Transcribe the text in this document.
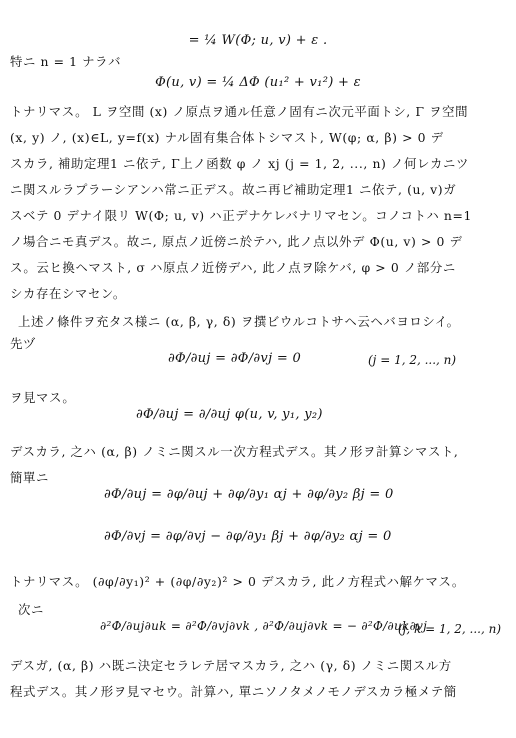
= ¼ W(Φ; u, v) + ε .
特ニ n = 1 ナラバ
Φ(u, v) = ¼ ΔΦ (u₁² + v₁²) + ε
トナリマス。 L ヲ空間 (x) ノ原点ヲ通ル任意ノ固有ニ次元平面トシ, Γ ヲ空間
(x, y) ノ, (x)∈L, y=f(x) ナル固有集合体トシマスト, W(φ; α, β) > 0 デ
スカラ, 補助定理1 ニ依テ, Γ上ノ函数 φ ノ xj (j = 1, 2, ..., n) ノ何レカニツ
ニ関スルラプラーシアンハ常ニ正デス。故ニ再ビ補助定理1 ニ依テ, (u, v)ガ
スベテ 0 デナイ限リ W(Φ; u, v) ハ正デナケレバナリマセン。コノコトハ n=1
ノ場合ニモ真デス。故ニ, 原点ノ近傍ニ於テハ, 此ノ点以外デ Φ(u, v) > 0 デ
ス。云ヒ換ヘマスト, σ ハ原点ノ近傍デハ, 此ノ点ヲ除ケバ, φ > 0 ノ部分ニ
シカ存在シマセン。
上述ノ條件ヲ充タス様ニ (α, β, γ, δ) ヲ撰ビウルコトサヘ云ヘバヨロシイ。
先ヅ
∂Φ/∂uj = ∂Φ/∂vj = 0	(j = 1, 2, ..., n)
ヲ見マス。
∂Φ/∂uj = ∂/∂uj φ(u, v, y₁, y₂)
デスカラ, 之ハ (α, β) ノミニ関スル一次方程式デス。其ノ形ヲ計算シマスト,
簡單ニ
∂Φ/∂uj = ∂φ/∂uj + ∂φ/∂y₁ αj + ∂φ/∂y₂ βj = 0
∂Φ/∂vj = ∂φ/∂vj − ∂φ/∂y₁ βj + ∂φ/∂y₂ αj = 0
トナリマス。 (∂φ/∂y₁)² + (∂φ/∂y₂)² > 0 デスカラ, 此ノ方程式ハ解ケマス。
次ニ
∂²Φ/∂uj∂uk = ∂²Φ/∂vj∂vk , ∂²Φ/∂uj∂vk = − ∂²Φ/∂uk∂vj
(j, k = 1, 2, ..., n)
デスガ, (α, β) ハ既ニ決定セラレテ居マスカラ, 之ハ (γ, δ) ノミニ関スル方
程式デス。其ノ形ヲ見マセウ。計算ハ, 單ニソノタメノモノデスカラ極メテ簡
